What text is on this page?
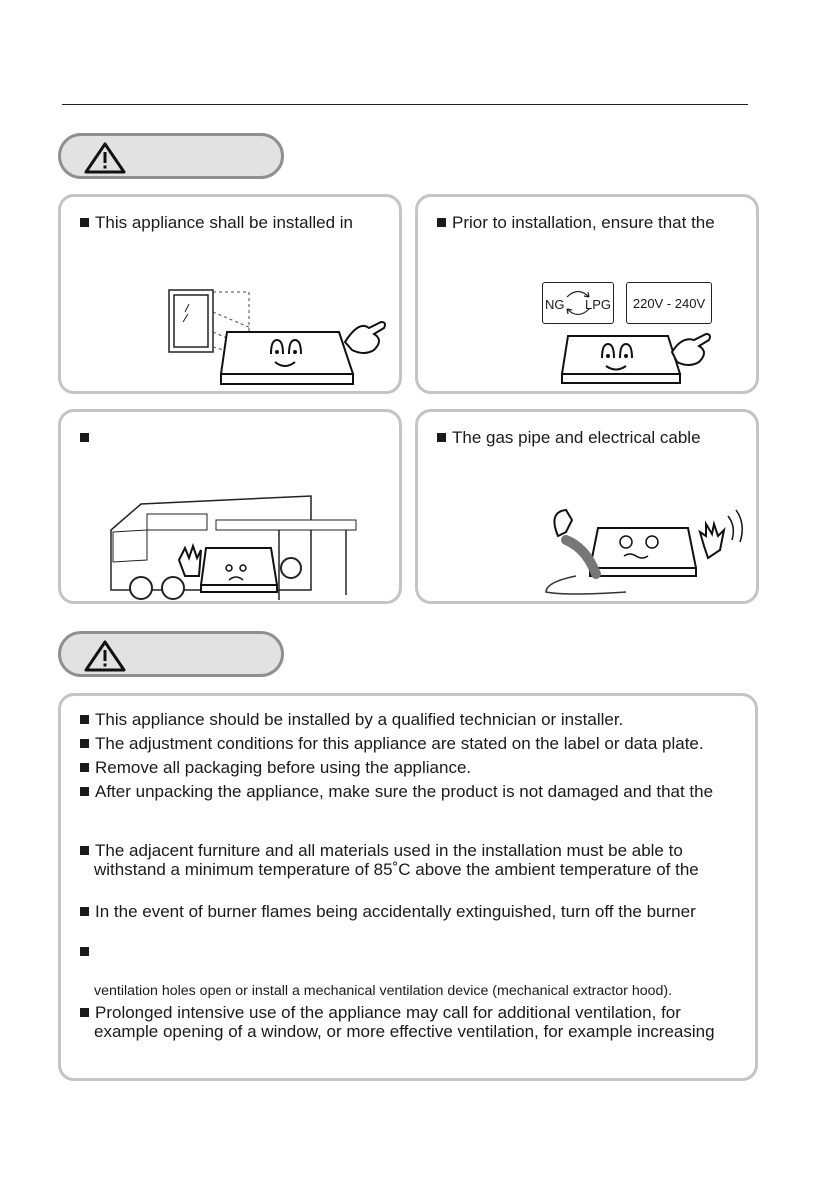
This appliance shall be installed in	Prior to installation, ensure that the
NG LPG 220V - 240V
The gas pipe and electrical cable
This appliance should be installed by a qualified technician or installer.
The adjustment conditions for this appliance are stated on the label or data plate.
Remove all packaging before using the appliance.
After unpacking the appliance, make sure the product is not damaged and that the
The adjacent furniture and all materials used in the installation must be able to
withstand a minimum temperature of 85˚C above the ambient temperature of the
In the event of burner flames being accidentally extinguished, turn off the burner
ventilation holes open or install a mechanical ventilation device (mechanical extractor hood).
Prolonged intensive use of the appliance may call for additional ventilation, for
example opening of a window, or more effective ventilation, for example increasing
